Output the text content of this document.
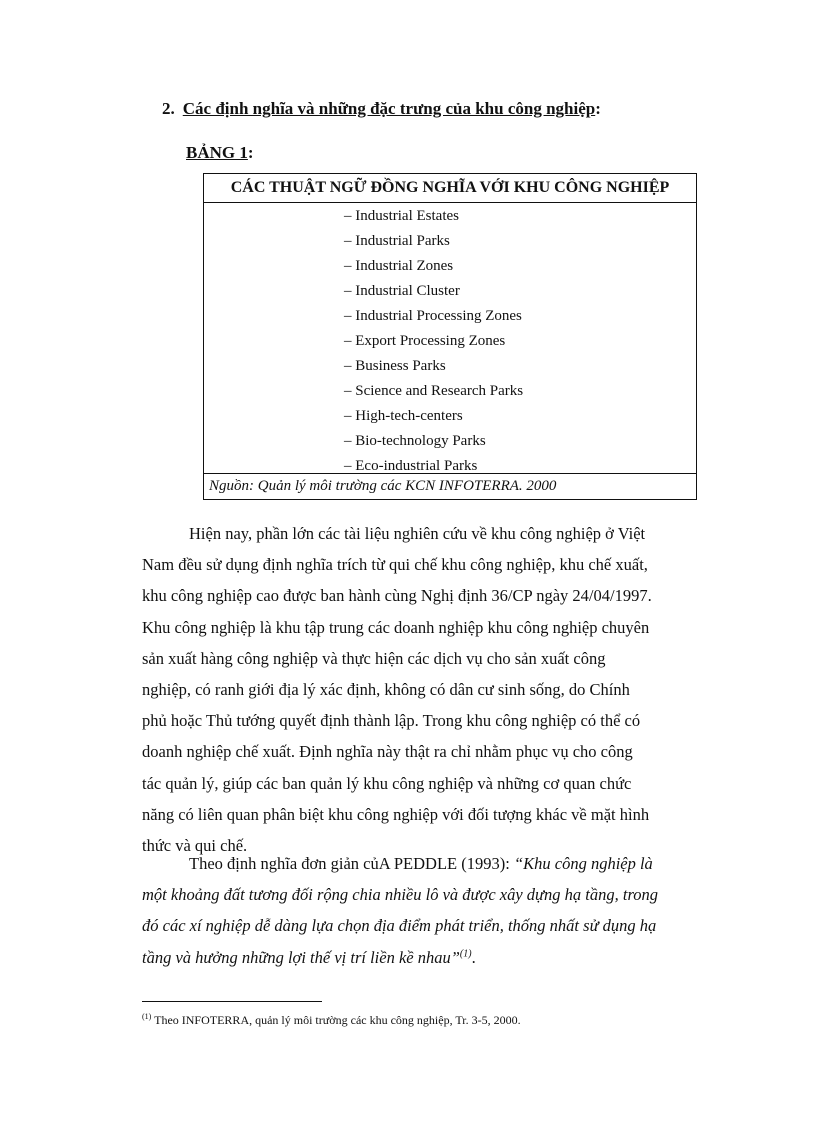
2. Các định nghĩa và những đặc trưng của khu công nghiệp:
BẢNG 1:
CÁC THUẬT NGỮ ĐỒNG NGHĨA VỚI KHU CÔNG NGHIỆP
– Industrial Estates
– Industrial Parks
– Industrial Zones
– Industrial Cluster
– Industrial Processing Zones
– Export Processing Zones
– Business Parks
– Science and Research Parks
– High-tech-centers
– Bio-technology Parks
– Eco-industrial Parks
Nguồn: Quản lý môi trường các KCN INFOTERRA. 2000
Hiện nay, phần lớn các tài liệu nghiên cứu về khu công nghiệp ở Việt
Nam đều sử dụng định nghĩa trích từ qui chế khu công nghiệp, khu chế xuất,
khu công nghiệp cao được ban hành cùng Nghị định 36/CP ngày 24/04/1997.
Khu công nghiệp là khu tập trung các doanh nghiệp khu công nghiệp chuyên
sản xuất hàng công nghiệp và thực hiện các dịch vụ cho sản xuất công
nghiệp, có ranh giới địa lý xác định, không có dân cư sinh sống, do Chính
phủ hoặc Thủ tướng quyết định thành lập. Trong khu công nghiệp có thể có
doanh nghiệp chế xuất. Định nghĩa này thật ra chỉ nhằm phục vụ cho công
tác quản lý, giúp các ban quản lý khu công nghiệp và những cơ quan chức
năng có liên quan phân biệt khu công nghiệp với đối tượng khác về mặt hình
thức và qui chế.
Theo định nghĩa đơn giản củA PEDDLE (1993): “Khu công nghiệp là
một khoảng đất tương đối rộng chia nhiều lô và được xây dựng hạ tầng, trong
đó các xí nghiệp dễ dàng lựa chọn địa điểm phát triển, thống nhất sử dụng hạ
tầng và hưởng những lợi thế vị trí liền kề nhau”$^{(1)}$.
$^{(1)}$ Theo INFOTERRA, quản lý môi trường các khu công nghiệp, Tr. 3-5, 2000.
